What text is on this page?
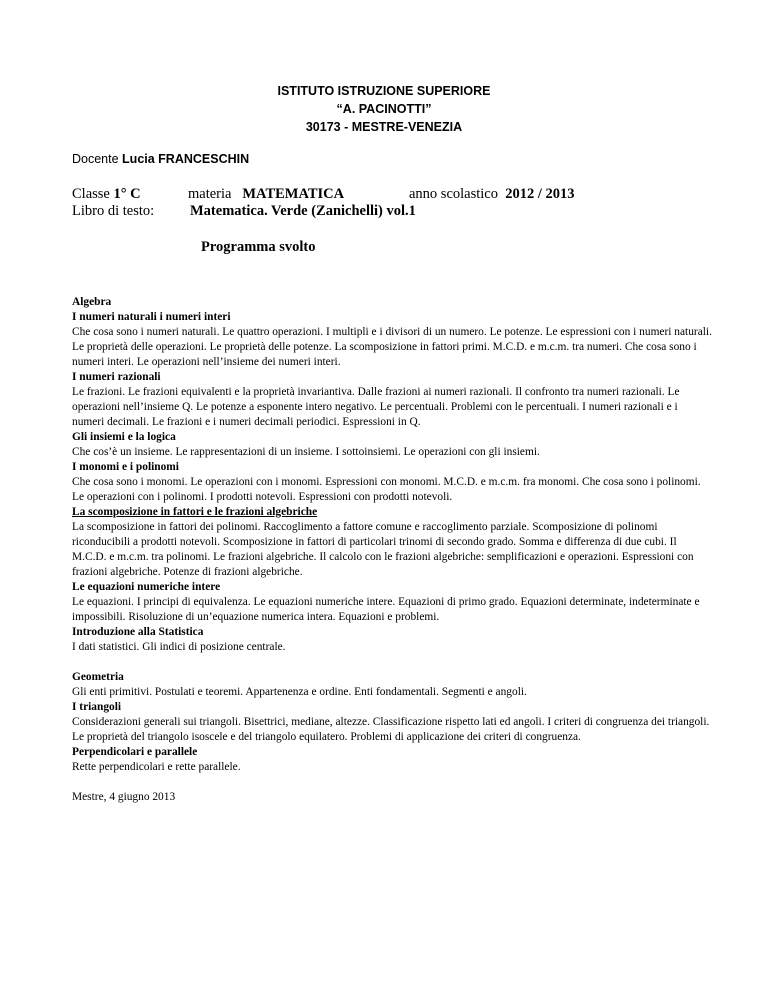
ISTITUTO ISTRUZIONE SUPERIORE
“A. PACINOTTI”
30173 - MESTRE-VENEZIA
Docente Lucia FRANCESCHIN
Classe 1° C	materia MATEMATICA	anno scolastico 2012 / 2013
Libro di testo: Matematica. Verde (Zanichelli) vol.1
Programma svolto
Algebra
I numeri naturali i numeri interi

Che cosa sono i numeri naturali. Le quattro operazioni. I multipli e i divisori di un numero. Le potenze. Le espressioni con i numeri naturali. Le proprietà delle operazioni. Le proprietà delle potenze. La scomposizione in fattori primi. M.C.D. e m.c.m. tra numeri. Che cosa sono i numeri interi. Le operazioni nell’insieme dei numeri interi.

I numeri razionali

Le frazioni. Le frazioni equivalenti e la proprietà invariantiva. Dalle frazioni ai numeri razionali. Il confronto tra numeri razionali. Le operazioni nell’insieme Q. Le potenze a esponente intero negativo. Le percentuali. Problemi con le percentuali. I numeri razionali e i numeri decimali. Le frazioni e i numeri decimali periodici. Espressioni in Q.

Gli insiemi e la logica

Che cos’è un insieme. Le rappresentazioni di un insieme. I sottoinsiemi. Le operazioni con gli insiemi.

I monomi e i polinomi

Che cosa sono i monomi. Le operazioni con i monomi. Espressioni con monomi. M.C.D. e m.c.m. fra monomi. Che cosa sono i polinomi. Le operazioni con i polinomi. I prodotti notevoli. Espressioni con prodotti notevoli.

La scomposizione in fattori e le frazioni algebriche

La scomposizione in fattori dei polinomi. Raccoglimento a fattore comune e raccoglimento parziale. Scomposizione di polinomi riconducibili a prodotti notevoli. Scomposizione in fattori di particolari trinomi di secondo grado. Somma e differenza di due cubi. Il M.C.D. e m.c.m. tra polinomi. Le frazioni algebriche. Il calcolo con le frazioni algebriche: semplificazioni e operazioni. Espressioni con frazioni algebriche. Potenze di frazioni algebriche.

Le equazioni numeriche intere

Le equazioni. I principi di equivalenza. Le equazioni numeriche intere. Equazioni di primo grado. Equazioni determinate, indeterminate e impossibili. Risoluzione di un’equazione numerica intera. Equazioni e problemi.

Introduzione alla Statistica

I dati statistici. Gli indici di posizione centrale.

Geometria

Gli enti primitivi. Postulati e teoremi. Appartenenza e ordine. Enti fondamentali. Segmenti e angoli.

I triangoli

Considerazioni generali sui triangoli. Bisettrici, mediane, altezze. Classificazione rispetto lati ed angoli. I criteri di congruenza dei triangoli. Le proprietà del triangolo isoscele e del triangolo equilatero. Problemi di applicazione dei criteri di congruenza.

Perpendicolari e parallele

Rette perpendicolari e rette parallele.

Mestre, 4 giugno 2013
